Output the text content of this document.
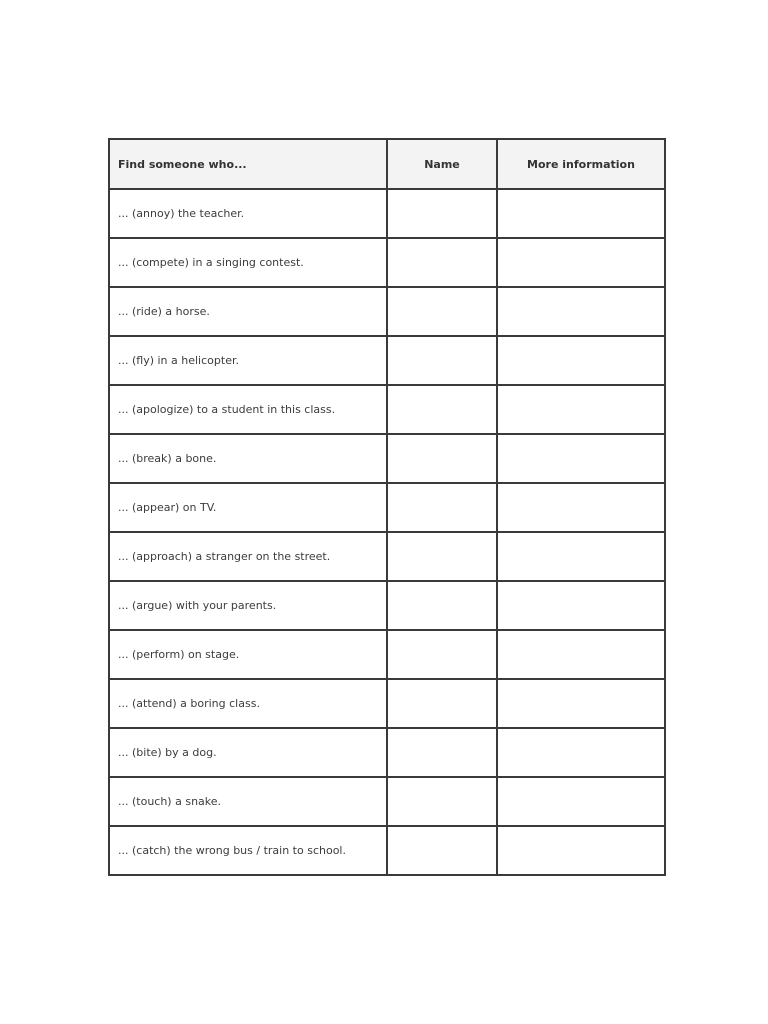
Find someone who...	Name	More information
... (annoy) the teacher.		
... (compete) in a singing contest.		
... (ride) a horse.		
... (fly) in a helicopter.		
... (apologize) to a student in this class.		
... (break) a bone.		
... (appear) on TV.		
... (approach) a stranger on the street.		
... (argue) with your parents.		
... (perform) on stage.		
... (attend) a boring class.		
... (bite) by a dog.		
... (touch) a snake.		
... (catch) the wrong bus / train to school.		
